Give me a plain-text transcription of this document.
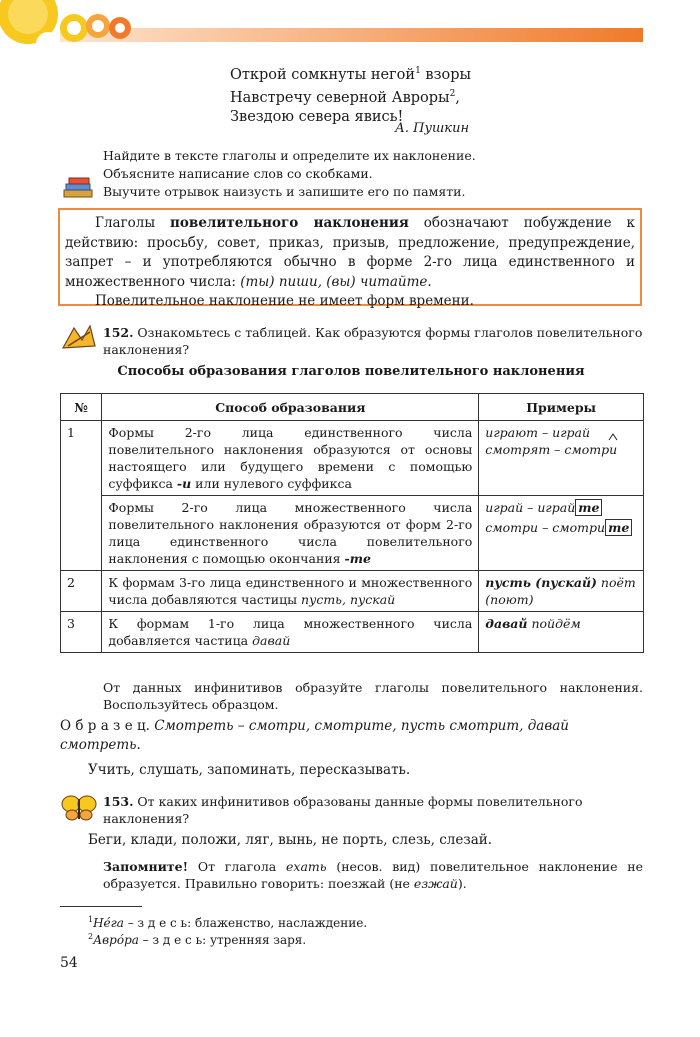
Открой сомкнуты негой$^1$ взоры
Навстречу северной Авроры$^2$,
Звездою севера явись!
А. Пушкин
Найдите в тексте глаголы и определите их наклонение.
Объясните написание слов со скобками.
Выучите отрывок наизусть и запишите его по памяти.

Глаголы повелительного наклонения обозначают побуждение к действию: просьбу, совет, приказ, призыв, предложение, предупреждение, запрет – и употребляются обычно в форме 2-го лица единственного и множественного числа: (ты) пиши, (вы) читайте.

Повелительное наклонение не имеет форм времени.

152. Ознакомьтесь с таблицей. Как образуются формы глаголов повелительного наклонения?
Способы образования глаголов повелительного наклонения
№	Способ образования	Примеры
1	Формы 2-го лица единственного числа повелительного наклонения образуются от основы настоящего или будущего времени с помощью суффикса -и или нулевого суффикса	играют – играй
смотрят – смотри

	Формы 2-го лица множественного числа повелительного наклонения образуются от форм 2-го лица единственного числа повелительного наклонения с помощью окончания -те	играй – играй те
смотри – смотри те

2	К формам 3-го лица единственного и множественного числа добавляются частицы пусть, пускай	пусть (пускай) поёт (поют)
3	К формам 1-го лица множественного числа добавляется частица давай	давай пойдём
От данных инфинитивов образуйте глаголы повелительного наклонения. Воспользуйтесь образцом.
О б р а з е ц. Смотреть – смотри, смотрите, пусть смотрит, давай смотреть.
Учить, слушать, запоминать, пересказывать.
153. От каких инфинитивов образованы данные формы повелительного наклонения?
Беги, клади, положи, ляг, вынь, не порть, слезь, слезай.
Запомните! От глагола ехать (несов. вид) повелительное наклонение не образуется. Правильно говорить: поезжай (не езжай).
$^1$Нéга – з д е с ь: блаженство, наслаждение.
$^2$Аврóра – з д е с ь: утренняя заря.
54
